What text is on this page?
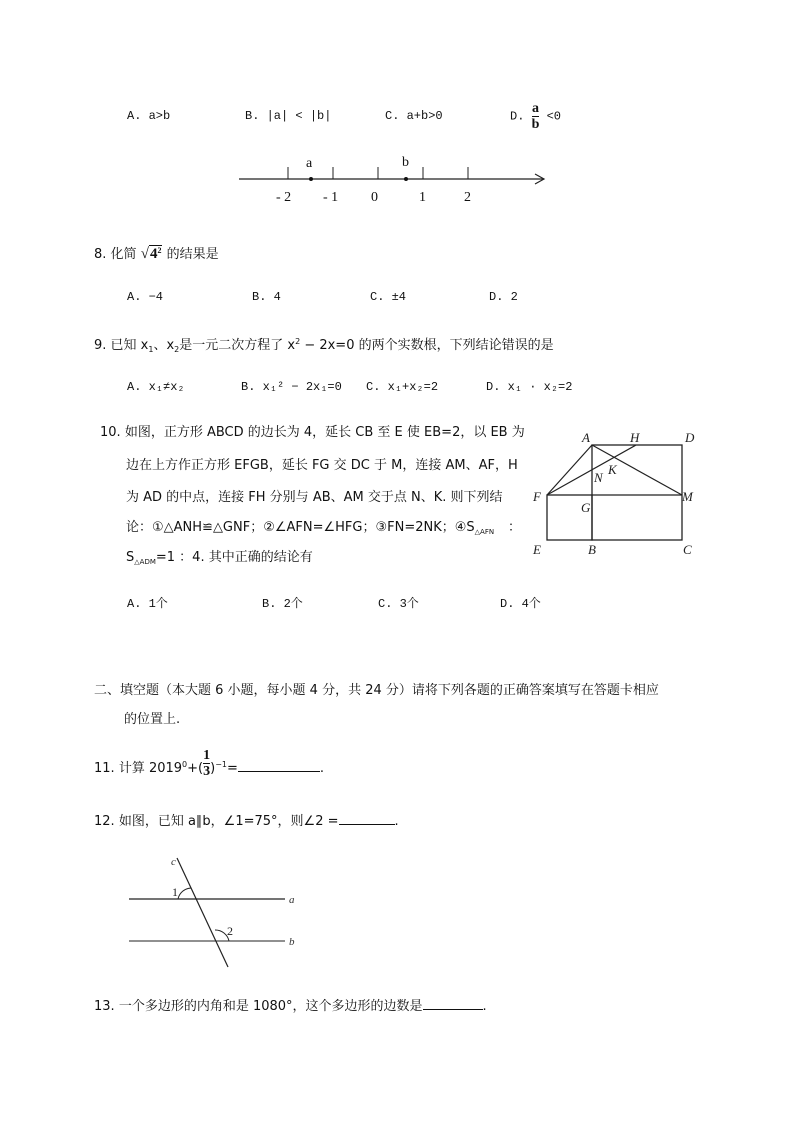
A. a>b	B. |a| < |b|	C. a+b>0	D. $\frac{a}{b} <0$
a	b
- 2 - 1 0	1	2
8. 化简 $√4^2$ 的结果是
A. −4	B. 4	C. ±4	D. 2
9. 已知 $x_1$、$x_2$是一元二次方程了 $x^2 - 2x=0$ 的两个实数根，下列结论错误的是
A. x₁≠x₂	B. x₁² − 2x₁=0 C. x₁+x₂=2	D. x₁ · x₂=2
10. 如图，正方形 ABCD 的边长为 4，延长 CB 至 E 使 EB=2，以 EB 为
边在上方作正方形 EFGB，延长 FG 交 DC 于 M，连接 AM、AF，H
为 AD 的中点，连接 FH 分别与 AB、AM 交于点 N、K. 则下列结
论：①△ANH≌△GNF；②∠AFN=∠HFG；③FN=2NK；$④S_{\triangle AFN}$ ：
$S_{\triangle ADM}=1$ ：4. 其中正确的结论有
A	H	D
K
N
F
G
M
E	B	C
A. 1个	B. 2个	C. 3个	D. 4个
二、填空题（本大题 6 小题，每小题 4 分，共 24 分）请将下列各题的正确答案填写在答题卡相应
的位置上.
11. 计算 $2019^0+(\frac{1}{3})^{-1}=$	.
12. 如图，已知 a∥b，∠1=75°，则∠2 =	.
c
a
b
1
2
13. 一个多边形的内角和是 1080°，这个多边形的边数是	.
